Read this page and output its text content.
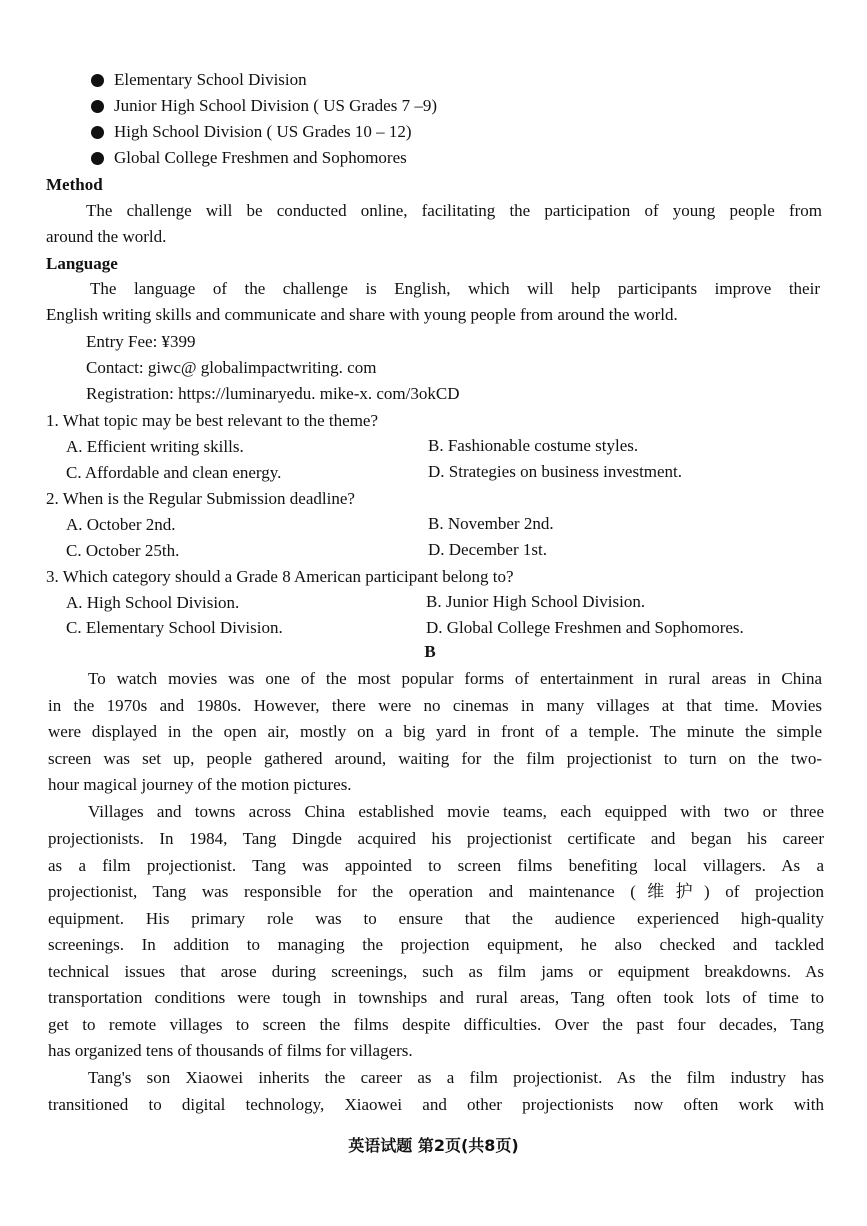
Elementary School Division
Junior High School Division ( US Grades 7 –9)
High School Division ( US Grades 10 – 12)
Global College Freshmen and Sophomores
Method
The challenge will be conducted online, facilitating the participation of young people from
around the world.
Language
The language of the challenge is English, which will help participants improve their
English writing skills and communicate and share with young people from around the world.
Entry Fee: ¥399
Contact: giwc@ globalimpactwriting. com
Registration: https://luminaryedu. mike-x. com/3okCD
1. What topic may be best relevant to the theme?
A. Efficient writing skills.	B. Fashionable costume styles.
C. Affordable and clean energy.	D. Strategies on business investment.
2. When is the Regular Submission deadline?
A. October 2nd.	B. November 2nd.
C. October 25th.	D. December 1st.
3. Which category should a Grade 8 American participant belong to?
A. High School Division.	B. Junior High School Division.
C. Elementary School Division.	D. Global College Freshmen and Sophomores.
B
To watch movies was one of the most popular forms of entertainment in rural areas in China
in the 1970s and 1980s. However, there were no cinemas in many villages at that time. Movies
were displayed in the open air, mostly on a big yard in front of a temple. The minute the simple
screen was set up, people gathered around, waiting for the film projectionist to turn on the two-
hour magical journey of the motion pictures.
Villages and towns across China established movie teams, each equipped with two or three
projectionists. In 1984, Tang Dingde acquired his projectionist certificate and began his career
as a film projectionist. Tang was appointed to screen films benefiting local villagers. As a
projectionist, Tang was responsible for the operation and maintenance (维护) of projection
equipment. His primary role was to ensure that the audience experienced high-quality
screenings. In addition to managing the projection equipment, he also checked and tackled
technical issues that arose during screenings, such as film jams or equipment breakdowns. As
transportation conditions were tough in townships and rural areas, Tang often took lots of time to
get to remote villages to screen the films despite difficulties. Over the past four decades, Tang
has organized tens of thousands of films for villagers.
Tang's son Xiaowei inherits the career as a film projectionist. As the film industry has
transitioned to digital technology, Xiaowei and other projectionists now often work with
英语试题 第2页(共8页)
